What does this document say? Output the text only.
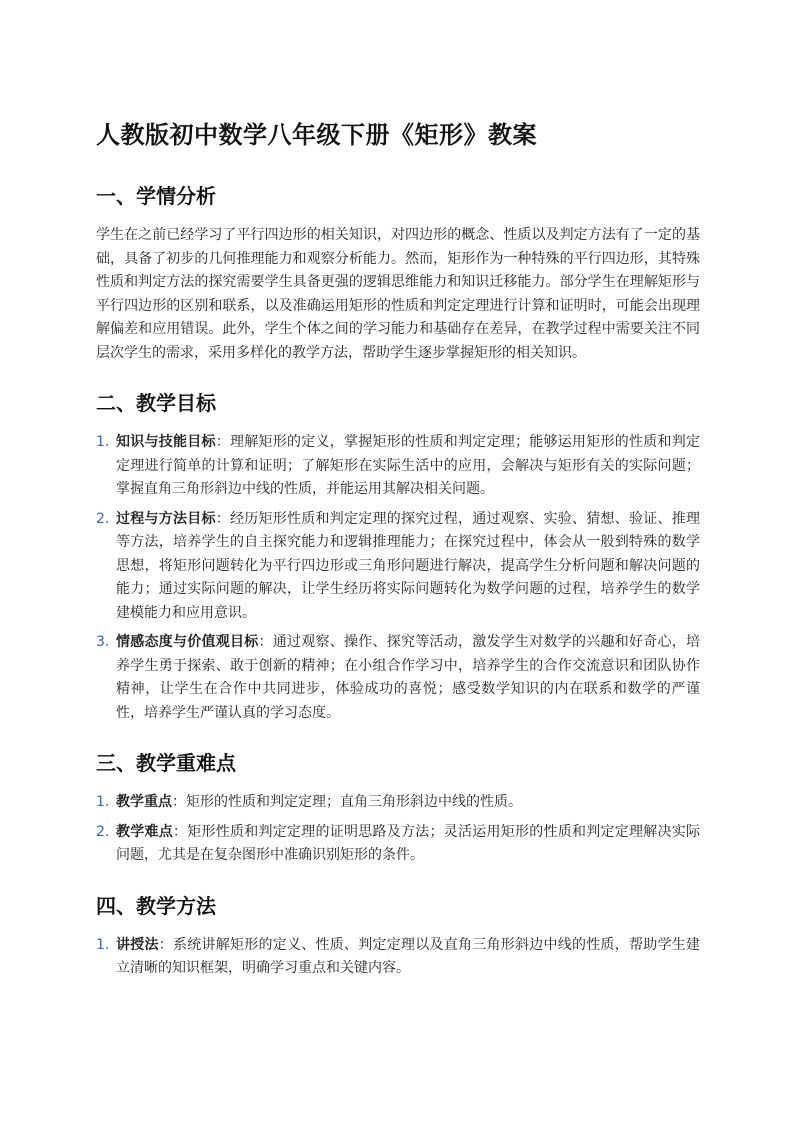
人教版初中数学八年级下册《矩形》教案
一、学情分析

学生在之前已经学习了平行四边形的相关知识，对四边形的概念、性质以及判定方法有了一定的基础，具备了初步的几何推理能力和观察分析能力。然而，矩形作为一种特殊的平行四边形，其特殊性质和判定方法的探究需要学生具备更强的逻辑思维能力和知识迁移能力。部分学生在理解矩形与平行四边形的区别和联系，以及准确运用矩形的性质和判定定理进行计算和证明时，可能会出现理解偏差和应用错误。此外，学生个体之间的学习能力和基础存在差异，在教学过程中需要关注不同层次学生的需求，采用多样化的教学方法，帮助学生逐步掌握矩形的相关知识。

二、教学目标
1. 知识与技能目标：理解矩形的定义，掌握矩形的性质和判定定理；能够运用矩形的性质和判定定理进行简单的计算和证明；了解矩形在实际生活中的应用，会解决与矩形有关的实际问题；掌握直角三角形斜边中线的性质，并能运用其解决相关问题。
2. 过程与方法目标：经历矩形性质和判定定理的探究过程，通过观察、实验、猜想、验证、推理等方法，培养学生的自主探究能力和逻辑推理能力；在探究过程中，体会从一般到特殊的数学思想，将矩形问题转化为平行四边形或三角形问题进行解决，提高学生分析问题和解决问题的能力；通过实际问题的解决，让学生经历将实际问题转化为数学问题的过程，培养学生的数学建模能力和应用意识。
3. 情感态度与价值观目标：通过观察、操作、探究等活动，激发学生对数学的兴趣和好奇心，培养学生勇于探索、敢于创新的精神；在小组合作学习中，培养学生的合作交流意识和团队协作精神，让学生在合作中共同进步，体验成功的喜悦；感受数学知识的内在联系和数学的严谨性，培养学生严谨认真的学习态度。
三、教学重难点
1. 教学重点：矩形的性质和判定定理；直角三角形斜边中线的性质。
2. 教学难点：矩形性质和判定定理的证明思路及方法；灵活运用矩形的性质和判定定理解决实际问题，尤其是在复杂图形中准确识别矩形的条件。
四、教学方法
1. 讲授法：系统讲解矩形的定义、性质、判定定理以及直角三角形斜边中线的性质，帮助学生建立清晰的知识框架，明确学习重点和关键内容。
